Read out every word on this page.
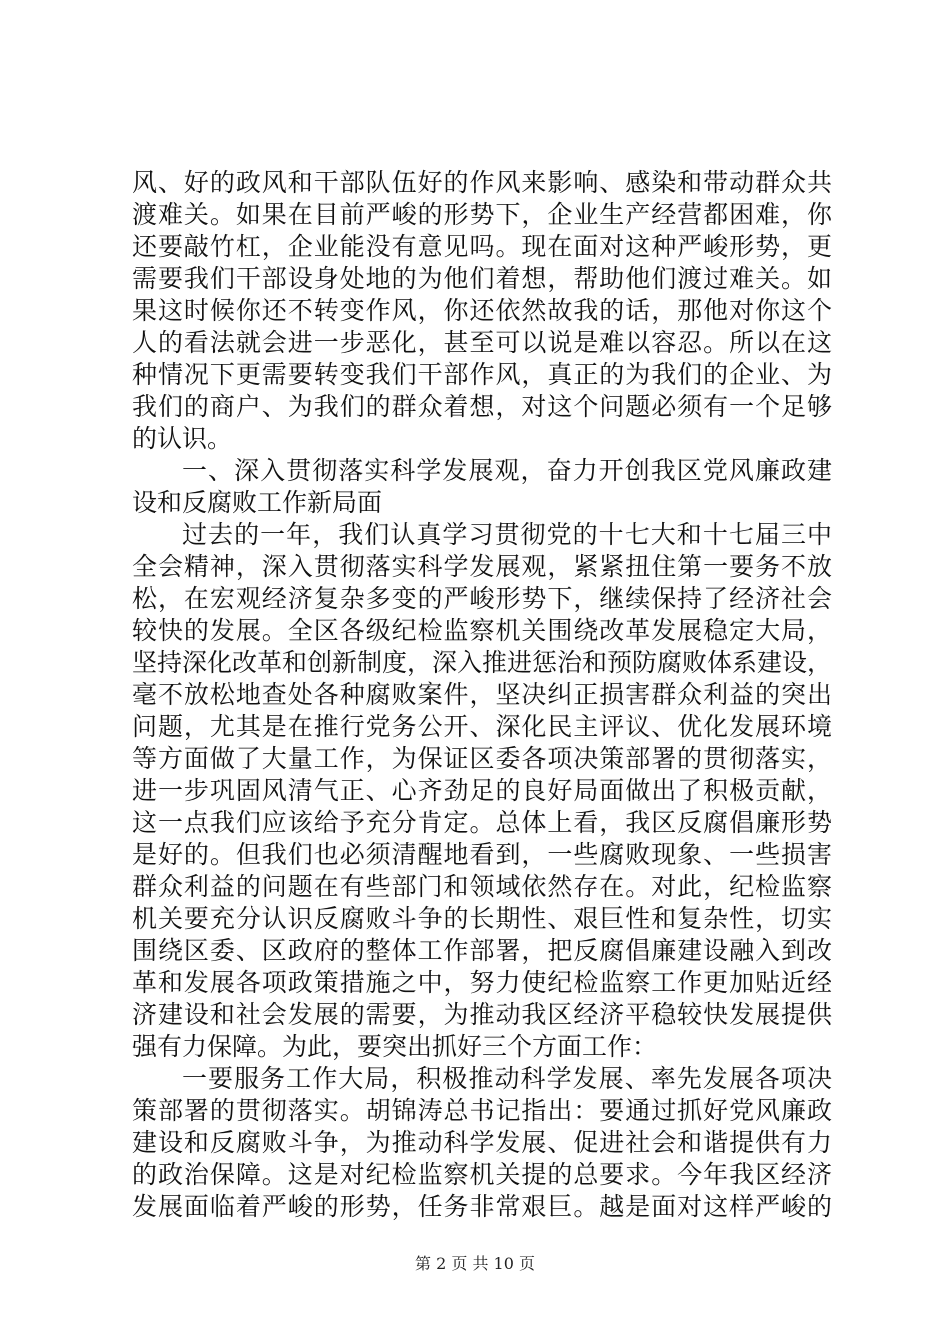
风、好的政风和干部队伍好的作风来影响、感染和带动群众共
渡难关。如果在目前严峻的形势下，企业生产经营都困难，你
还要敲竹杠，企业能没有意见吗。现在面对这种严峻形势，更
需要我们干部设身处地的为他们着想，帮助他们渡过难关。如
果这时候你还不转变作风，你还依然故我的话，那他对你这个
人的看法就会进一步恶化，甚至可以说是难以容忍。所以在这
种情况下更需要转变我们干部作风，真正的为我们的企业、为
我们的商户、为我们的群众着想，对这个问题必须有一个足够
的认识。
一、深入贯彻落实科学发展观，奋力开创我区党风廉政建
设和反腐败工作新局面
过去的一年，我们认真学习贯彻党的十七大和十七届三中
全会精神，深入贯彻落实科学发展观，紧紧扭住第一要务不放
松，在宏观经济复杂多变的严峻形势下，继续保持了经济社会
较快的发展。全区各级纪检监察机关围绕改革发展稳定大局，
坚持深化改革和创新制度，深入推进惩治和预防腐败体系建设，
毫不放松地查处各种腐败案件，坚决纠正损害群众利益的突出
问题，尤其是在推行党务公开、深化民主评议、优化发展环境
等方面做了大量工作，为保证区委各项决策部署的贯彻落实，
进一步巩固风清气正、心齐劲足的良好局面做出了积极贡献，
这一点我们应该给予充分肯定。总体上看，我区反腐倡廉形势
是好的。但我们也必须清醒地看到，一些腐败现象、一些损害
群众利益的问题在有些部门和领域依然存在。对此，纪检监察
机关要充分认识反腐败斗争的长期性、艰巨性和复杂性，切实
围绕区委、区政府的整体工作部署，把反腐倡廉建设融入到改
革和发展各项政策措施之中，努力使纪检监察工作更加贴近经
济建设和社会发展的需要，为推动我区经济平稳较快发展提供
强有力保障。为此，要突出抓好三个方面工作：
一要服务工作大局，积极推动科学发展、率先发展各项决
策部署的贯彻落实。胡锦涛总书记指出：要通过抓好党风廉政
建设和反腐败斗争，为推动科学发展、促进社会和谐提供有力
的政治保障。这是对纪检监察机关提的总要求。今年我区经济
发展面临着严峻的形势，任务非常艰巨。越是面对这样严峻的
第 2 页 共 10 页
